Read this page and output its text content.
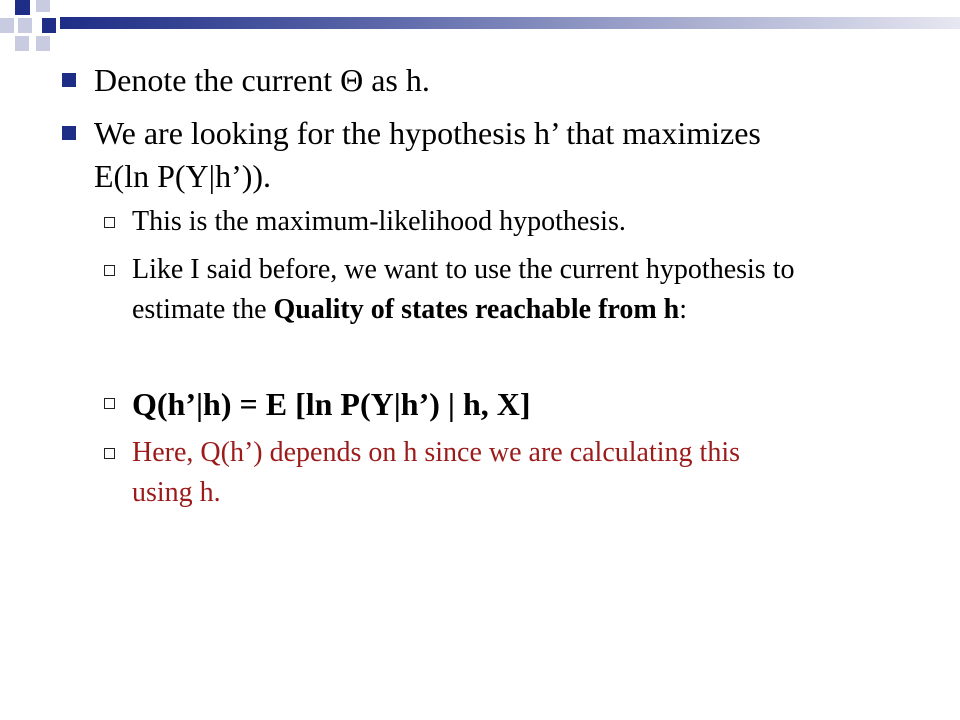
Denote the current Θ as h.
We are looking for the hypothesis h’ that maximizes
E(ln P(Y|h’)).
This is the maximum-likelihood hypothesis.
Like I said before, we want to use the current hypothesis to
estimate the Quality of states reachable from h:
Q(h’|h) = E [ln P(Y|h’) | h, X]
Here, Q(h’) depends on h since we are calculating this
using h.
